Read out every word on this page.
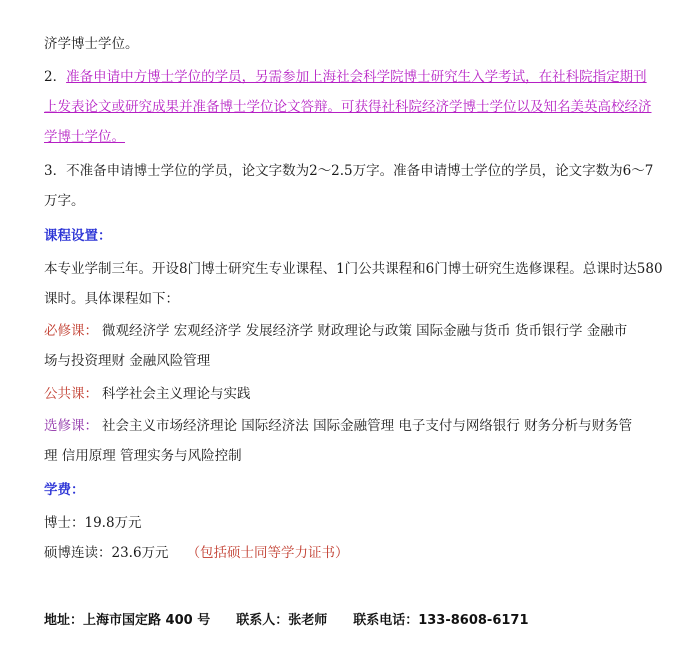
济学博士学位。
2．准备申请中方博士学位的学员，另需参加上海社会科学院博士研究生入学考试，在社科院指定期刊
上发表论文或研究成果并准备博士学位论文答辩。可获得社科院经济学博士学位以及知名美英高校经济
学博士学位。
3．不准备申请博士学位的学员，论文字数为2～2.5万字。准备申请博士学位的学员，论文字数为6～7
万字。
课程设置：
本专业学制三年。开设8门博士研究生专业课程、1门公共课程和6门博士研究生选修课程。总课时达580
课时。具体课程如下：
必修课： 微观经济学 宏观经济学 发展经济学 财政理论与政策 国际金融与货币 货币银行学 金融市
场与投资理财 金融风险管理
公共课： 科学社会主义理论与实践
选修课： 社会主义市场经济理论 国际经济法 国际金融管理 电子支付与网络银行 财务分析与财务管
理 信用原理 管理实务与风险控制
学费：
博士：19.8万元
硕博连读：23.6万元 （包括硕士同等学力证书）
地址：上海市国定路 400 号 联系人：张老师 联系电话：133-8608-6171
